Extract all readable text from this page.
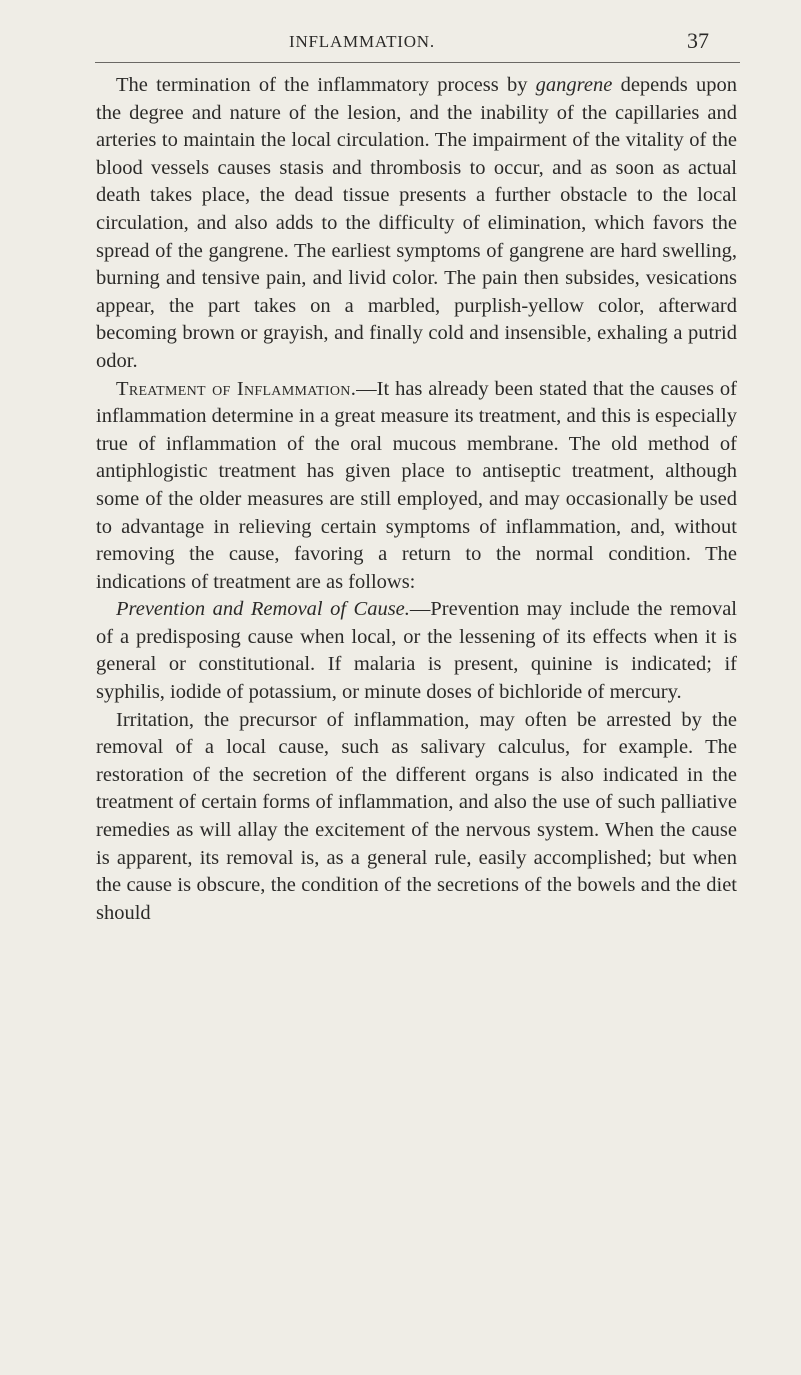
INFLAMMATION.	37

The termination of the inflammatory process by gangrene depends upon the degree and nature of the lesion, and the inability of the capillaries and arteries to maintain the local circulation. The impairment of the vitality of the blood vessels causes stasis and thrombosis to occur, and as soon as actual death takes place, the dead tissue presents a further obstacle to the local circulation, and also adds to the difficulty of elimination, which favors the spread of the gangrene. The earliest symptoms of gangrene are hard swelling, burning and tensive pain, and livid color. The pain then subsides, vesications appear, the part takes on a marbled, purplish-yellow color, afterward becoming brown or grayish, and finally cold and insensible, exhaling a putrid odor.

Treatment of Inflammation.—It has already been stated that the causes of inflammation determine in a great measure its treatment, and this is especially true of inflammation of the oral mucous membrane. The old method of antiphlogistic treatment has given place to antiseptic treatment, although some of the older measures are still employed, and may occasionally be used to advantage in relieving certain symptoms of inflammation, and, without removing the cause, favoring a return to the normal condition. The indications of treatment are as follows:

Prevention and Removal of Cause.—Prevention may include the removal of a predisposing cause when local, or the lessening of its effects when it is general or constitutional. If malaria is present, quinine is indicated; if syphilis, iodide of potassium, or minute doses of bichloride of mercury.

Irritation, the precursor of inflammation, may often be arrested by the removal of a local cause, such as salivary calculus, for example. The restoration of the secretion of the different organs is also indicated in the treatment of certain forms of inflammation, and also the use of such palliative remedies as will allay the excitement of the nervous system. When the cause is apparent, its removal is, as a general rule, easily accomplished; but when the cause is obscure, the condition of the secretions of the bowels and the diet should
